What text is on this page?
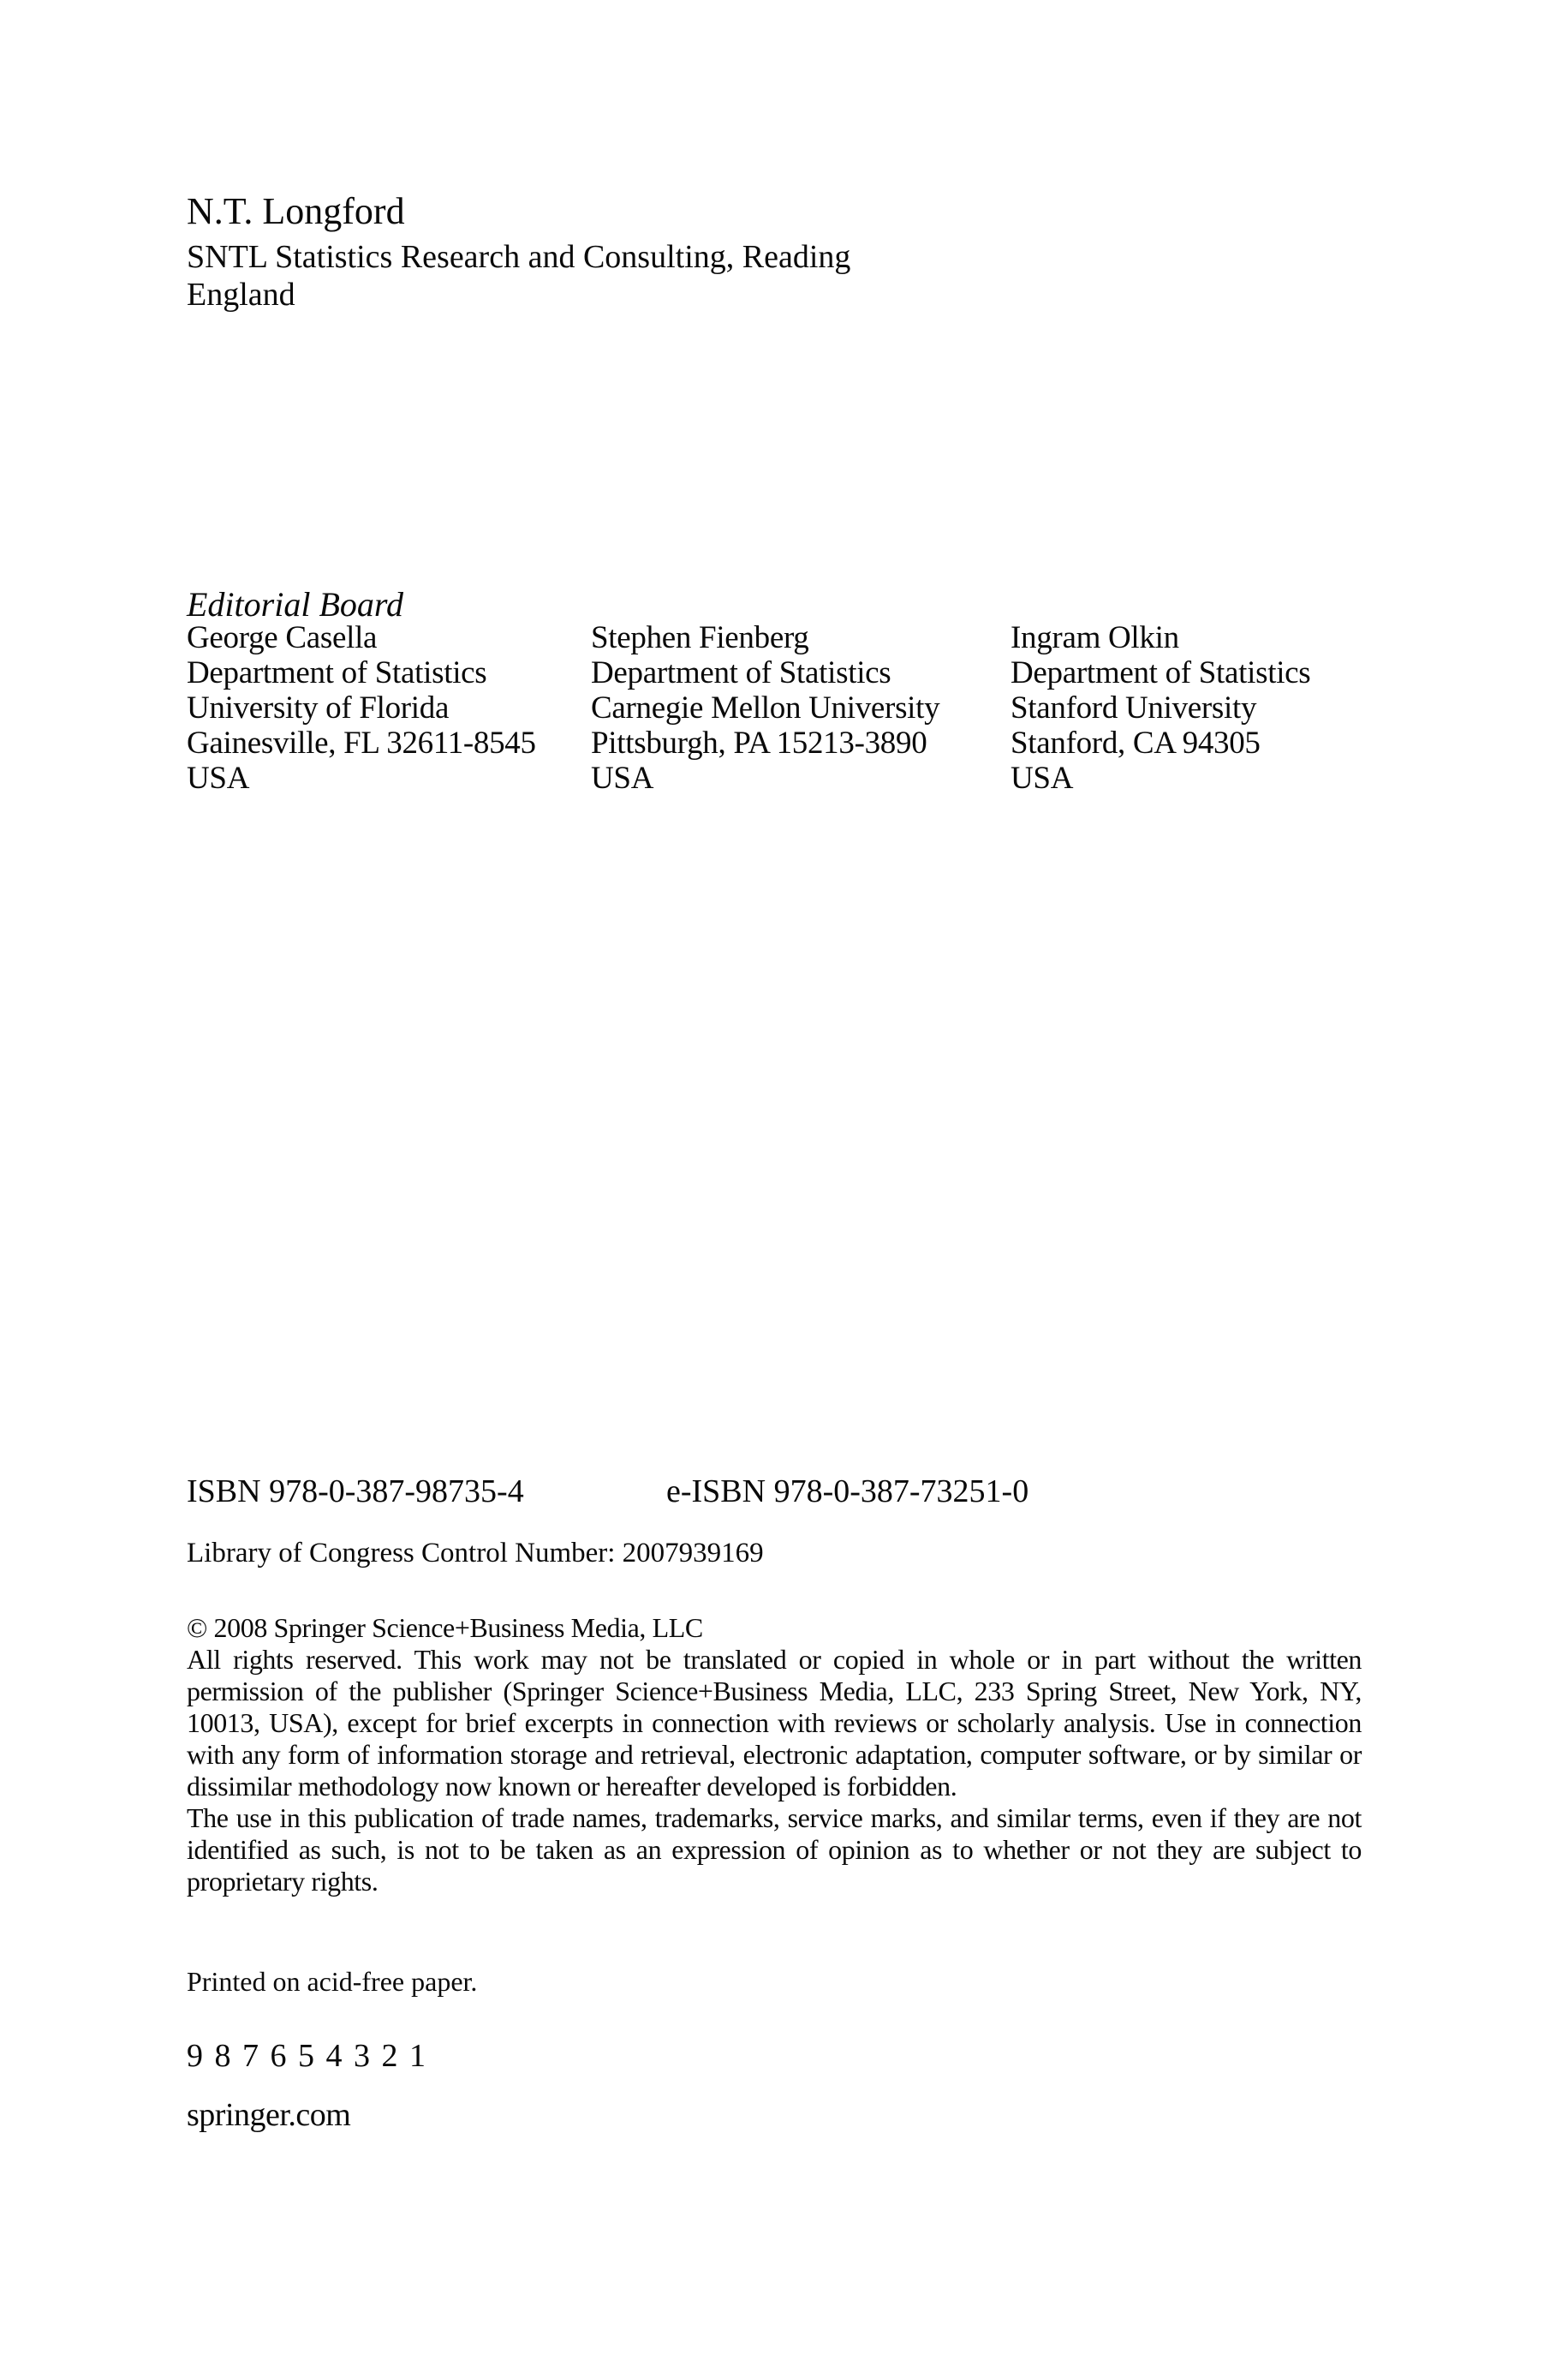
N.T. Longford
SNTL Statistics Research and Consulting, Reading
England
Editorial Board
George Casella
Department of Statistics
University of Florida
Gainesville, FL 32611-8545
USA
Stephen Fienberg
Department of Statistics
Carnegie Mellon University
Pittsburgh, PA 15213-3890
USA
Ingram Olkin
Department of Statistics
Stanford University
Stanford, CA 94305
USA
ISBN 978-0-387-98735-4	e-ISBN 978-0-387-73251-0
Library of Congress Control Number: 2007939169

© 2008 Springer Science+Business Media, LLC

All rights reserved. This work may not be translated or copied in whole or in part without the written permission of the publisher (Springer Science+Business Media, LLC, 233 Spring Street, New York, NY, 10013, USA), except for brief excerpts in connection with reviews or scholarly analysis. Use in connection with any form of information storage and retrieval, electronic adaptation, computer software, or by similar or dissimilar methodology now known or hereafter developed is forbidden.

The use in this publication of trade names, trademarks, service marks, and similar terms, even if they are not identified as such, is not to be taken as an expression of opinion as to whether or not they are subject to proprietary rights.

Printed on acid-free paper.
9 8 7 6 5 4 3 2 1
springer.com
